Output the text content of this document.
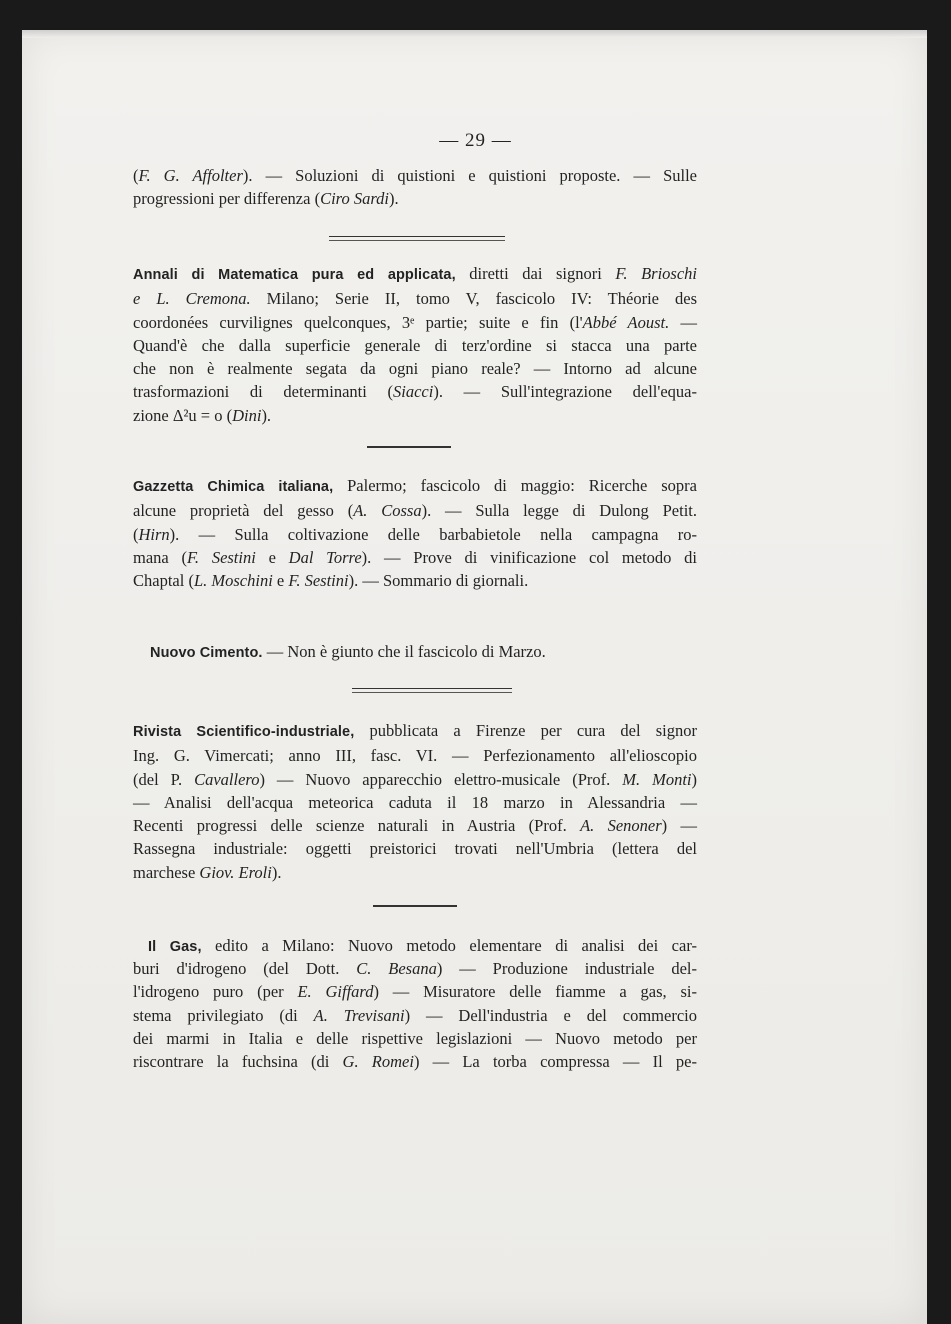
— 29 —
(F. G. Affolter). — Soluzioni di quistioni e quistioni proposte. — Sulle
progressioni per differenza (Ciro Sardi).
Annali di Matematica pura ed applicata, diretti dai signori F. Brioschi
e L. Cremona. Milano; Serie II, tomo V, fascicolo IV: Théorie des
coordonées curvilignes quelconques, 3ᵉ partie; suite e fin (l'Abbé Aoust. —
Quand'è che dalla superficie generale di terz'ordine si stacca una parte
che non è realmente segata da ogni piano reale? — Intorno ad alcune
trasformazioni di determinanti (Siacci). — Sull'integrazione dell'equa-
zione Δ²u = o (Dini).
Gazzetta Chimica italiana, Palermo; fascicolo di maggio: Ricerche sopra
alcune proprietà del gesso (A. Cossa). — Sulla legge di Dulong Petit.
(Hirn). — Sulla coltivazione delle barbabietole nella campagna ro-
mana (F. Sestini e Dal Torre). — Prove di vinificazione col metodo di
Chaptal (L. Moschini e F. Sestini). — Sommario di giornali.
Nuovo Cimento. — Non è giunto che il fascicolo di Marzo.
Rivista Scientifico-industriale, pubblicata a Firenze per cura del signor
Ing. G. Vimercati; anno III, fasc. VI. — Perfezionamento all'elioscopio
(del P. Cavallero) — Nuovo apparecchio elettro-musicale (Prof. M. Monti)
— Analisi dell'acqua meteorica caduta il 18 marzo in Alessandria —
Recenti progressi delle scienze naturali in Austria (Prof. A. Senoner) —
Rassegna industriale: oggetti preistorici trovati nell'Umbria (lettera del
marchese Giov. Eroli).
Il Gas, edito a Milano: Nuovo metodo elementare di analisi dei car-
buri d'idrogeno (del Dott. C. Besana) — Produzione industriale del-
l'idrogeno puro (per E. Giffard) — Misuratore delle fiamme a gas, si-
stema privilegiato (di A. Trevisani) — Dell'industria e del commercio
dei marmi in Italia e delle rispettive legislazioni — Nuovo metodo per
riscontrare la fuchsina (di G. Romei) — La torba compressa — Il pe-
